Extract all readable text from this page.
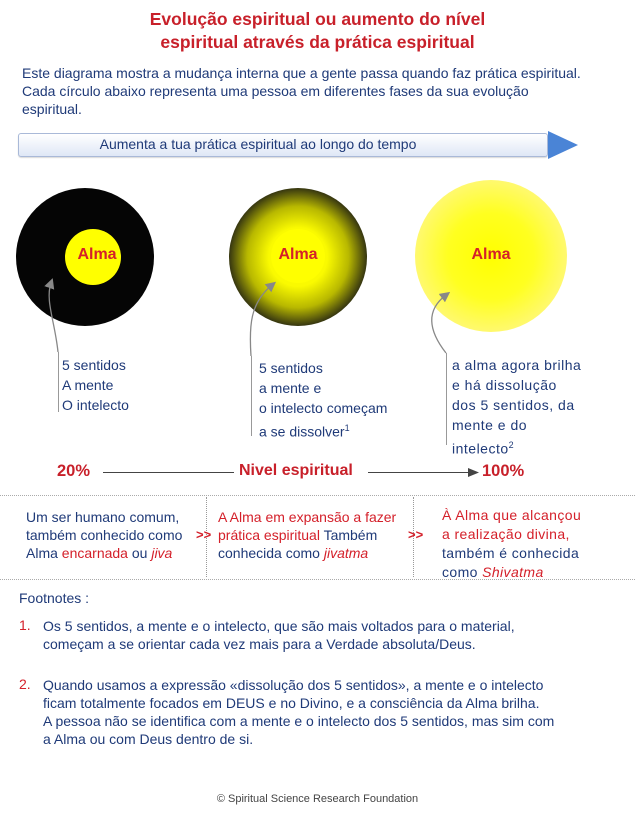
Evolução espiritual ou aumento do nível
espiritual através da prática espiritual
Este diagrama mostra a mudança interna que a gente passa quando faz prática espiritual.
Cada círculo abaixo representa uma pessoa em diferentes fases da sua evolução
espiritual.
Aumenta a tua prática espiritual ao longo do tempo
Alma	Alma	Alma
5 sentidos
A mente
O intelecto
5 sentidos
a mente e
o intelecto começam
a se dissolver$^1$
a alma agora brilha
e há dissolução
dos 5 sentidos, da
mente e do
intelecto$^2$
20%	Nivel espiritual	100%
Um ser humano comum,
também conhecido como
Alma encarnada ou jiva
>>
A Alma em expansão a fazer
prática espiritual Também
conhecida como jivatma
>>
À Alma que alcançou
a realização divina,
também é conhecida
como Shivatma
Footnotes :
1. Os 5 sentidos, a mente e o intelecto, que são mais voltados para o material,
começam a se orientar cada vez mais para a Verdade absoluta/Deus.
2. Quando usamos a expressão «dissolução dos 5 sentidos», a mente e o intelecto
ficam totalmente focados em DEUS e no Divino, e a consciência da Alma brilha.
A pessoa não se identifica com a mente e o intelecto dos 5 sentidos, mas sim com
a Alma ou com Deus dentro de si.
© Spiritual Science Research Foundation
